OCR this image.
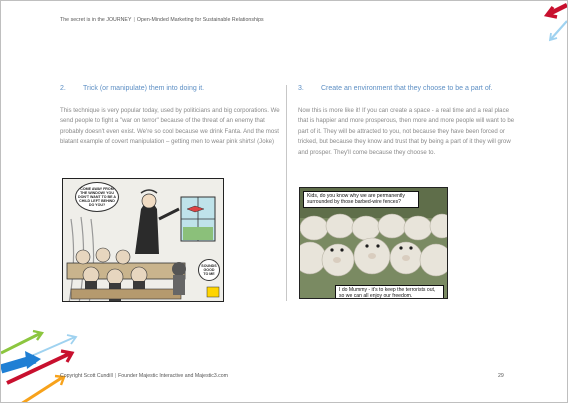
The secret is in the JOURNEY | Open-Minded Marketing for Sustainable Relationships
2.	Trick (or manipulate) them into doing it.

This technique is very popular today, used by politicians and big corporations. We send people to fight a "war on terror" because of the threat of an enemy that probably doesn't even exist. We're so cool because we drink Fanta. And the most blatant example of covert manipulation – getting men to wear pink shirts! (Joke)

3.	Create an environment that they choose to be a part of.

Now this is more like it! If you can create a space - a real time and a real place that is happier and more prosperous, then more and more people will want to be part of it. They will be attracted to you, not because they have been forced or tricked, but because they know and trust that by being a part of it they will grow and prosper. They'll come because they choose to.

COME AWAY FROM THE WINDOW! YOU DON'T WANT TO BE A CHILD LEFT BEHIND DO YOU?
SOUNDS GOOD TO ME
Kids, do you know why we are permanently surrounded by those barbed-wire fences?
I do Mummy - it's to keep the terrorists out, so we can all enjoy our freedom.
Copyright Scott Cundill | Founder Majestic Interactive and Majestic3.com	29
